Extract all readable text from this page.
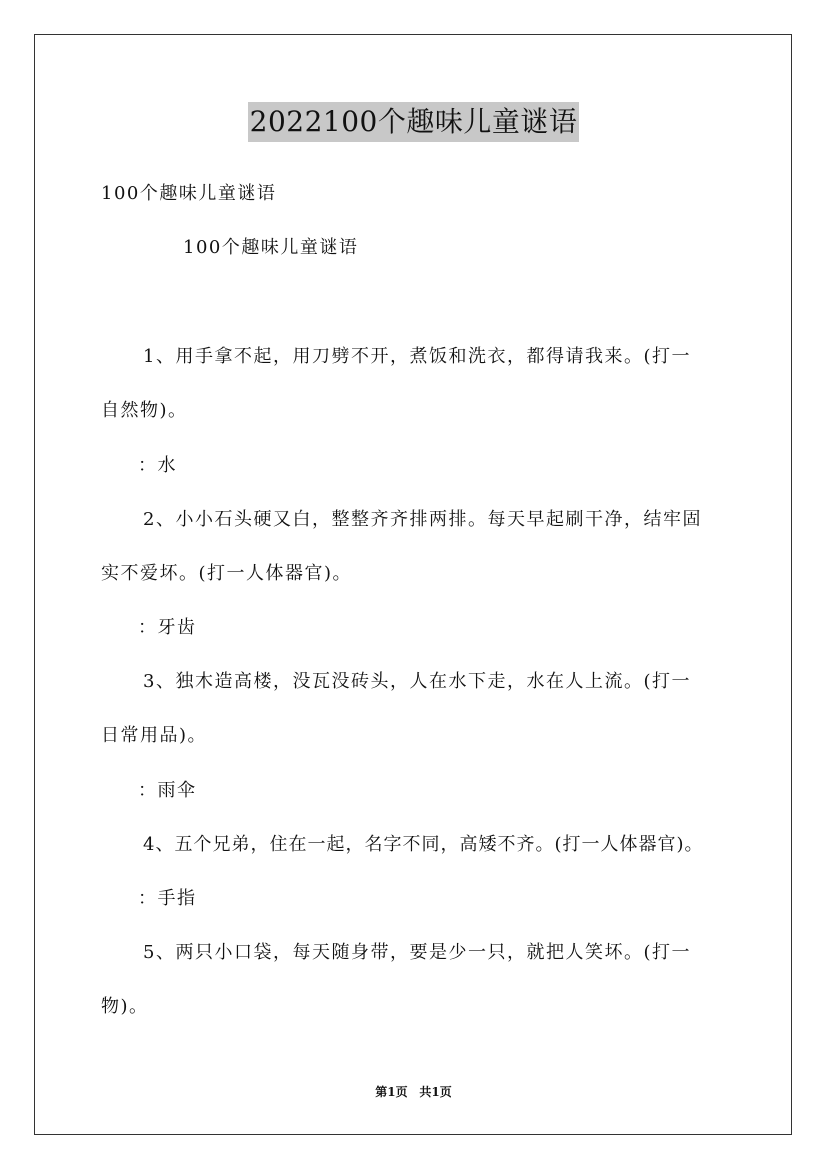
2022100个趣味儿童谜语
100个趣味儿童谜语
100个趣味儿童谜语
1、用手拿不起，用刀劈不开，煮饭和洗衣，都得请我来。(打一
自然物)。
：水
2、小小石头硬又白，整整齐齐排两排。每天早起刷干净，结牢固
实不爱坏。(打一人体器官)。
：牙齿
3、独木造高楼，没瓦没砖头，人在水下走，水在人上流。(打一
日常用品)。
：雨伞
4、五个兄弟，住在一起，名字不同，高矮不齐。(打一人体器官)。
：手指
5、两只小口袋，每天随身带，要是少一只，就把人笑坏。(打一
物)。
第1页 共1页
